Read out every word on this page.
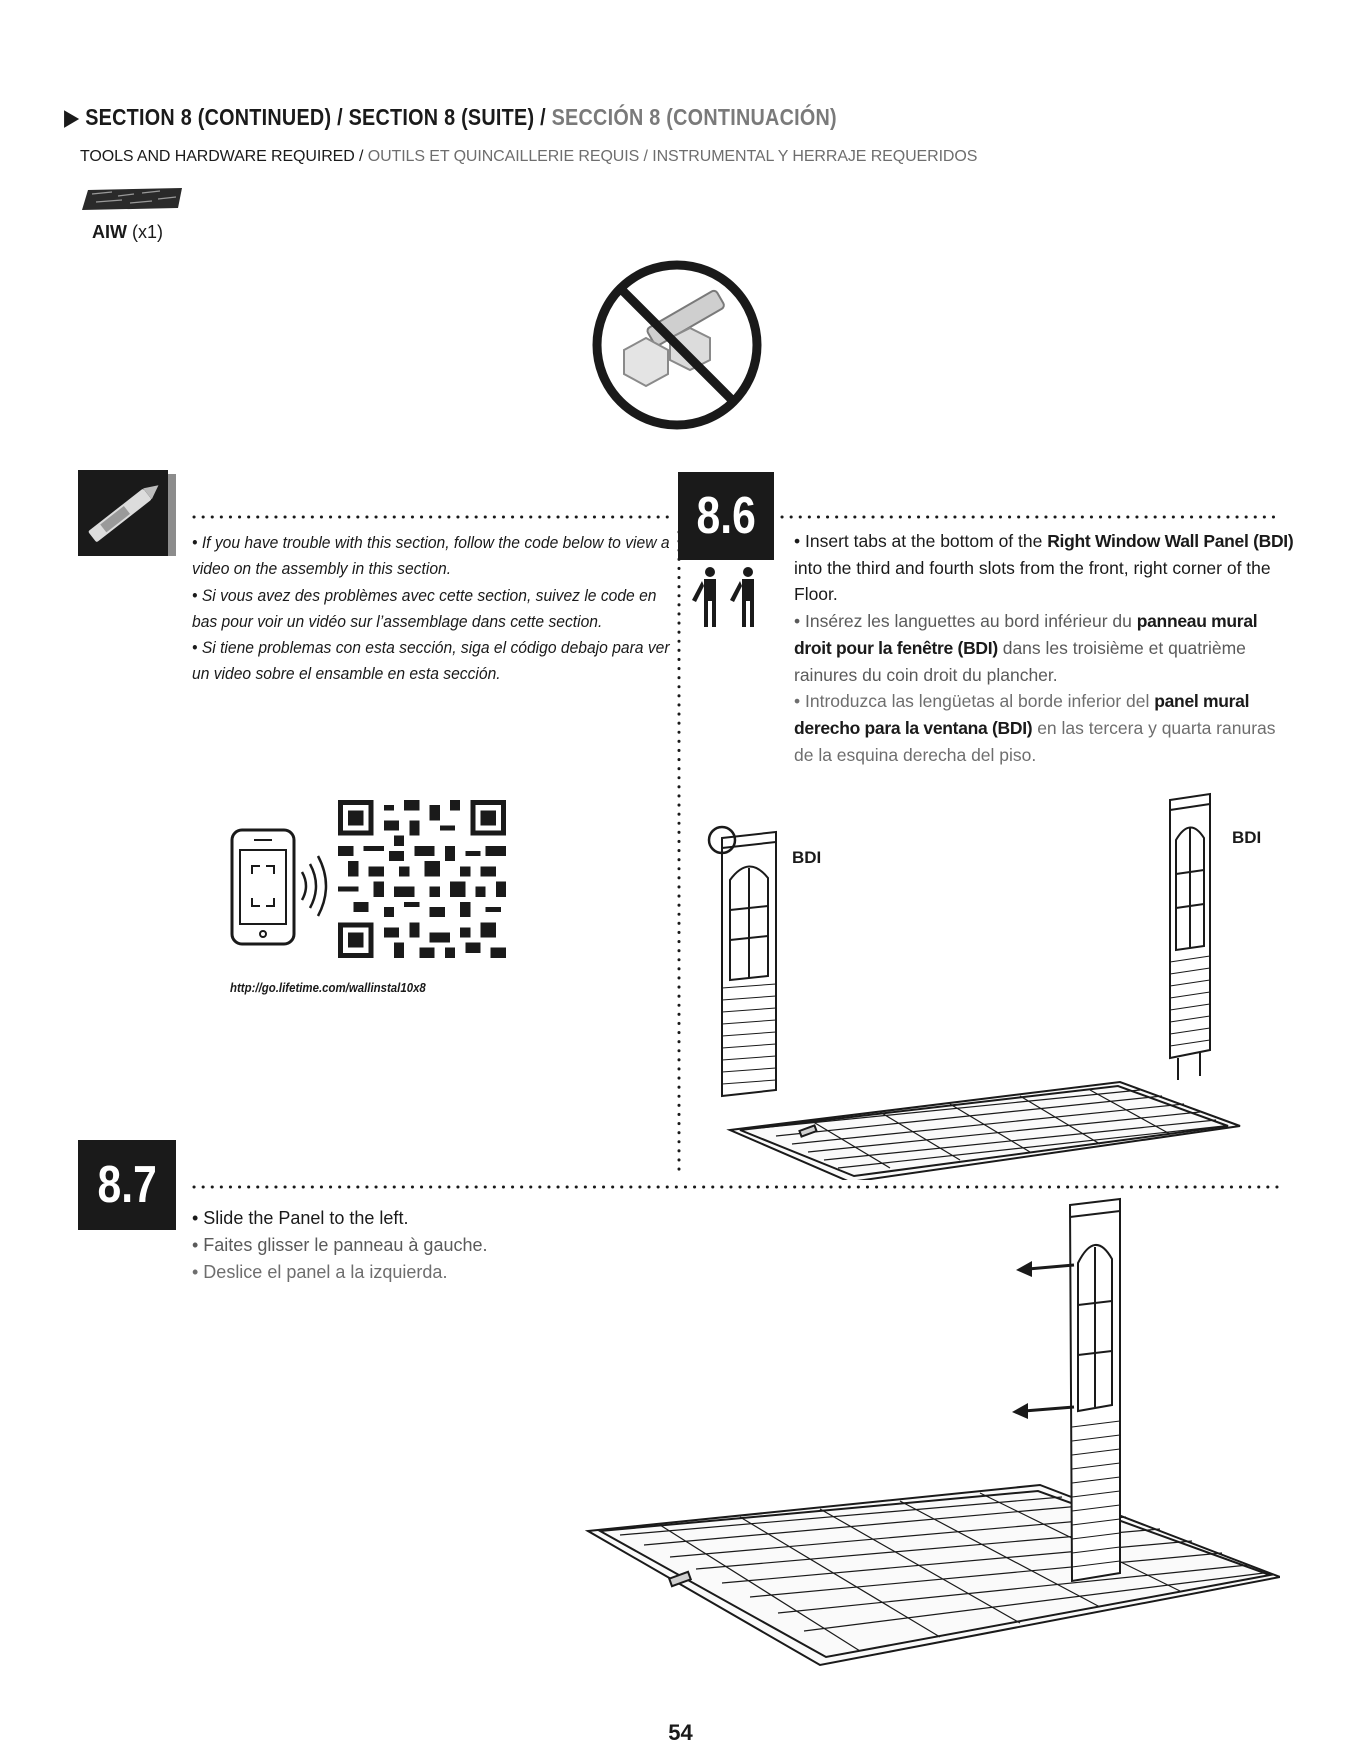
▶ SECTION 8 (CONTINUED) / SECTION 8 (SUITE) / SECCIÓN 8 (CONTINUACIÓN)
TOOLS AND HARDWARE REQUIRED / OUTILS ET QUINCAILLERIE REQUIS / INSTRUMENTAL Y HERRAJE REQUERIDOS
AIW (x1)

• If you have trouble with this section, follow the code below to view a video on the assembly in this section.

• Si vous avez des problèmes avec cette section, suivez le code en bas pour voir un vidéo sur l’assemblage dans cette section.

• Si tiene problemas con esta sección, siga el código debajo para ver un video sobre el ensamble en esta sección.

http://go.lifetime.com/wallinstal10x8
8.6 • Insert tabs at the bottom of the Right Window Wall Panel (BDI) into the third and fourth slots from the front, right corner of the Floor.

• Insérez les languettes au bord inférieur du panneau mural droit pour la fenêtre (BDI) dans les troisième et quatrième rainures du coin droit du plancher.

• Introduzca las lengüetas al borde inferior del panel mural derecho para la ventana (BDI) en las tercera y quarta ranuras de la esquina derecha del piso.

BDI
BDI
8.7

• Slide the Panel to the left.

• Faites glisser le panneau à gauche.

• Deslice el panel a la izquierda.

54
